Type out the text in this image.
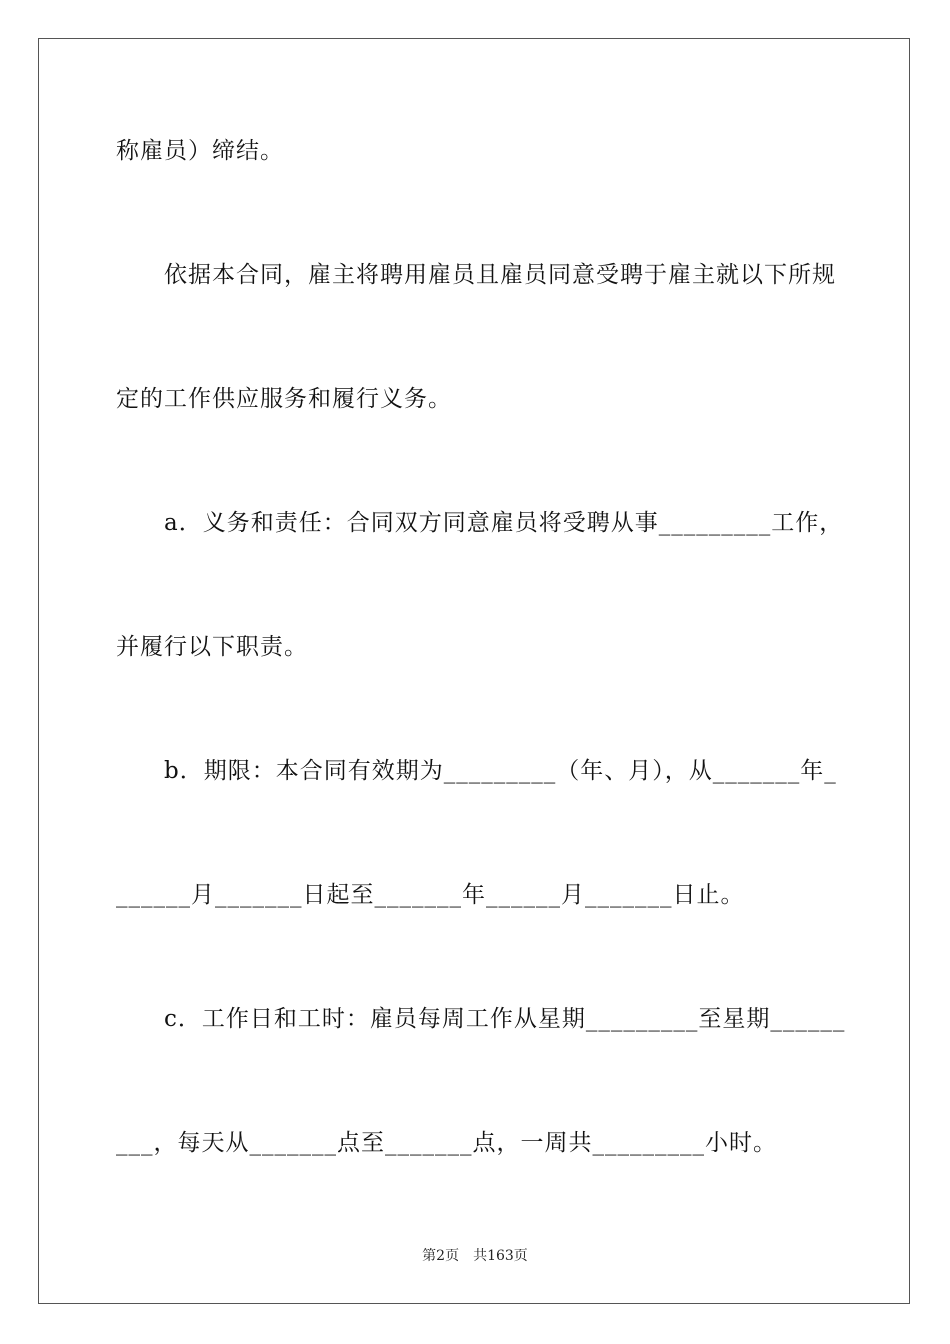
称雇员）缔结。
　　依据本合同，雇主将聘用雇员且雇员同意受聘于雇主就以下所规
定的工作供应服务和履行义务。
　　a．义务和责任：合同双方同意雇员将受聘从事_________工作，
并履行以下职责。
　　b．期限：本合同有效期为_________（年、月），从_______年_
______月_______日起至_______年______月_______日止。
　　c．工作日和工时：雇员每周工作从星期_________至星期______
___，每天从_______点至_______点，一周共_________小时。
第2页　共163页
